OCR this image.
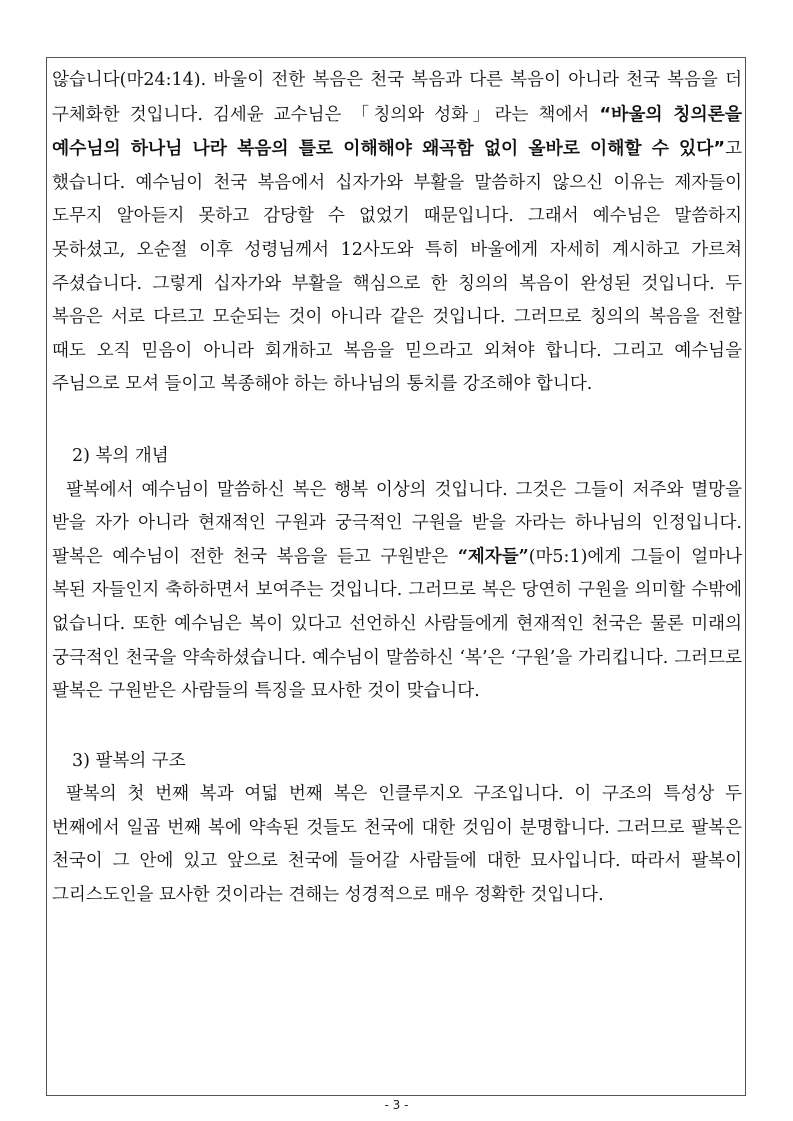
않습니다(마24:14). 바울이 전한 복음은 천국 복음과 다른 복음이 아니라 천국 복음을 더 구체화한 것입니다. 김세윤 교수님은 「칭의와 성화」라는 책에서 “바울의 칭의론을 예수님의 하나님 나라 복음의 틀로 이해해야 왜곡함 없이 올바로 이해할 수 있다”고 했습니다. 예수님이 천국 복음에서 십자가와 부활을 말씀하지 않으신 이유는 제자들이 도무지 알아듣지 못하고 감당할 수 없었기 때문입니다. 그래서 예수님은 말씀하지 못하셨고, 오순절 이후 성령님께서 12사도와 특히 바울에게 자세히 계시하고 가르쳐 주셨습니다. 그렇게 십자가와 부활을 핵심으로 한 칭의의 복음이 완성된 것입니다. 두 복음은 서로 다르고 모순되는 것이 아니라 같은 것입니다. 그러므로 칭의의 복음을 전할 때도 오직 믿음이 아니라 회개하고 복음을 믿으라고 외쳐야 합니다. 그리고 예수님을 주님으로 모셔 들이고 복종해야 하는 하나님의 통치를 강조해야 합니다.

2) 복의 개념

팔복에서 예수님이 말씀하신 복은 행복 이상의 것입니다. 그것은 그들이 저주와 멸망을 받을 자가 아니라 현재적인 구원과 궁극적인 구원을 받을 자라는 하나님의 인정입니다. 팔복은 예수님이 전한 천국 복음을 듣고 구원받은 “제자들”(마5:1)에게 그들이 얼마나 복된 자들인지 축하하면서 보여주는 것입니다. 그러므로 복은 당연히 구원을 의미할 수밖에 없습니다. 또한 예수님은 복이 있다고 선언하신 사람들에게 현재적인 천국은 물론 미래의 궁극적인 천국을 약속하셨습니다. 예수님이 말씀하신 ‘복’은 ‘구원’을 가리킵니다. 그러므로 팔복은 구원받은 사람들의 특징을 묘사한 것이 맞습니다.

3) 팔복의 구조

팔복의 첫 번째 복과 여덟 번째 복은 인클루지오 구조입니다. 이 구조의 특성상 두 번째에서 일곱 번째 복에 약속된 것들도 천국에 대한 것임이 분명합니다. 그러므로 팔복은 천국이 그 안에 있고 앞으로 천국에 들어갈 사람들에 대한 묘사입니다. 따라서 팔복이 그리스도인을 묘사한 것이라는 견해는 성경적으로 매우 정확한 것입니다.

- 3 -
